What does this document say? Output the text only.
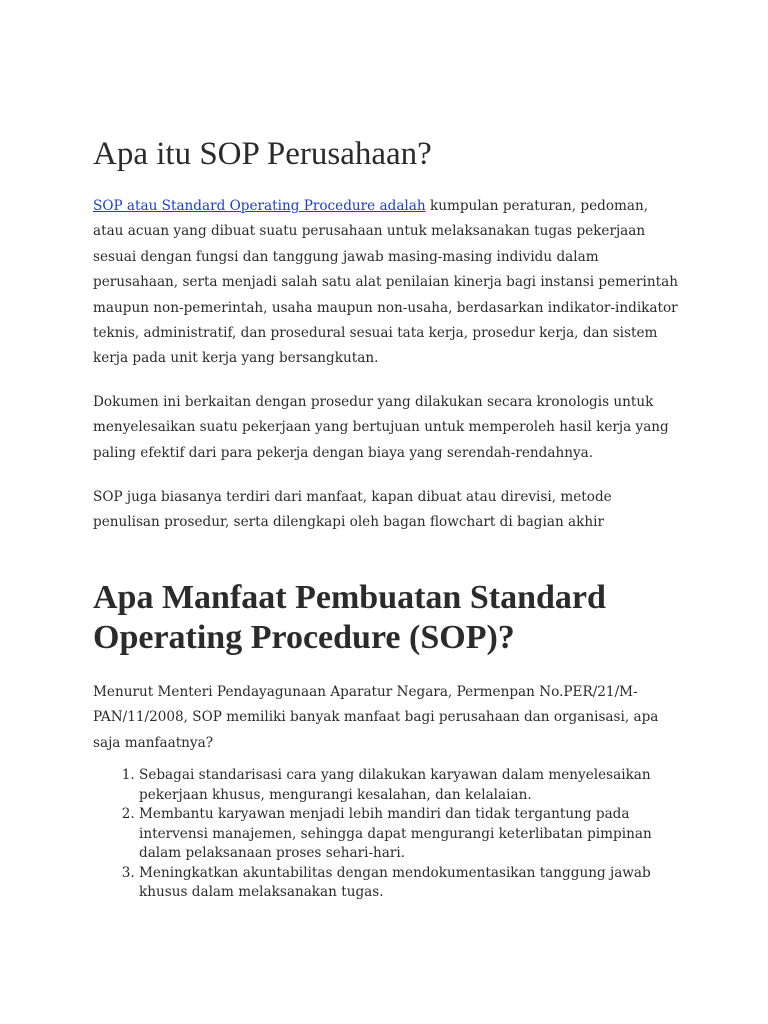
Apa itu SOP Perusahaan?

SOP atau Standard Operating Procedure adalah kumpulan peraturan, pedoman, atau acuan yang dibuat suatu perusahaan untuk melaksanakan tugas pekerjaan sesuai dengan fungsi dan tanggung jawab masing-masing individu dalam perusahaan, serta menjadi salah satu alat penilaian kinerja bagi instansi pemerintah maupun non-pemerintah, usaha maupun non-usaha, berdasarkan indikator-indikator teknis, administratif, dan prosedural sesuai tata kerja, prosedur kerja, dan sistem kerja pada unit kerja yang bersangkutan.

Dokumen ini berkaitan dengan prosedur yang dilakukan secara kronologis untuk menyelesaikan suatu pekerjaan yang bertujuan untuk memperoleh hasil kerja yang paling efektif dari para pekerja dengan biaya yang serendah-rendahnya.

SOP juga biasanya terdiri dari manfaat, kapan dibuat atau direvisi, metode penulisan prosedur, serta dilengkapi oleh bagan flowchart di bagian akhir

Apa Manfaat Pembuatan Standard Operating Procedure (SOP)?

Menurut Menteri Pendayagunaan Aparatur Negara, Permenpan No.PER/21/M-PAN/11/2008, SOP memiliki banyak manfaat bagi perusahaan dan organisasi, apa saja manfaatnya?

1. Sebagai standarisasi cara yang dilakukan karyawan dalam menyelesaikan pekerjaan khusus, mengurangi kesalahan, dan kelalaian.
2. Membantu karyawan menjadi lebih mandiri dan tidak tergantung pada intervensi manajemen, sehingga dapat mengurangi keterlibatan pimpinan dalam pelaksanaan proses sehari-hari.
3. Meningkatkan akuntabilitas dengan mendokumentasikan tanggung jawab khusus dalam melaksanakan tugas.
